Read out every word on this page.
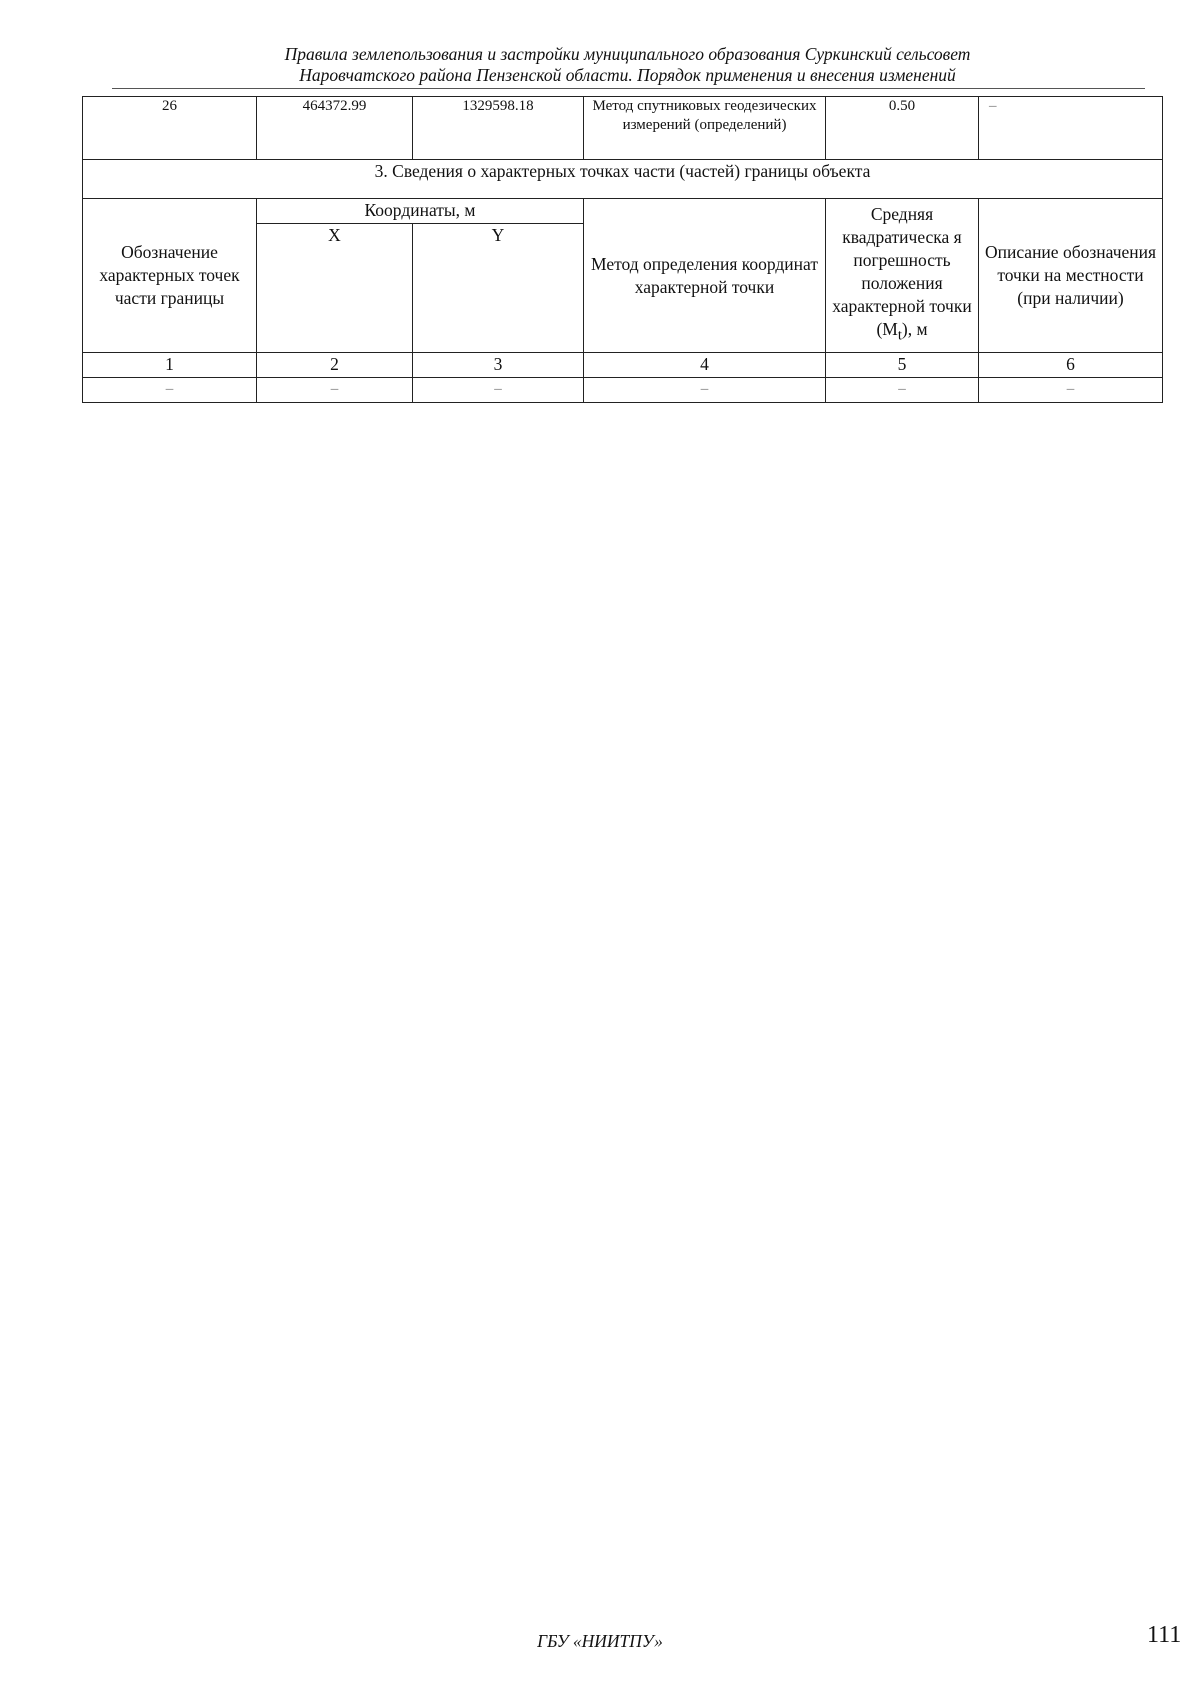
Правила землепользования и застройки муниципального образования Суркинский сельсовет
Наровчатского района Пензенской области. Порядок применения и внесения изменений
26	464372.99	1329598.18	Метод спутниковых геодезических измерений (определений)	0.50	–
3. Сведения о характерных точках части (частей) границы объекта					
Обозначение характерных точек части границы	Координаты, м		Метод определения координат характерной точки	Средняя квадратическа я погрешность положения характерной точки $(M_t)$, м	Описание обозначения точки на местности (при наличии)
	X	Y			
1	2	3	4	5	6
–	–	–	–	–	–
ГБУ «НИИТПУ»	111
